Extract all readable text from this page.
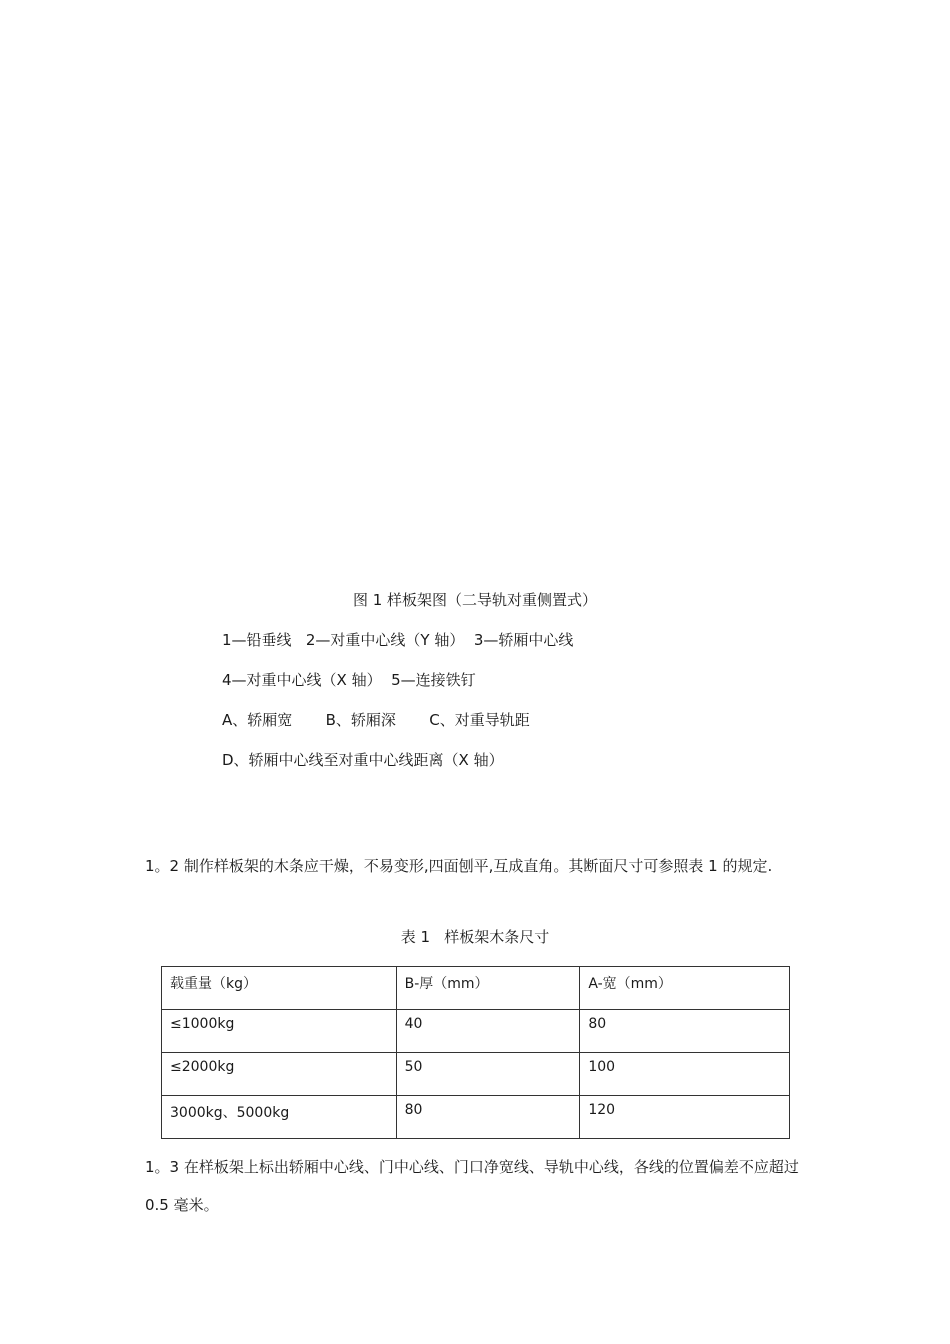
图 1 样板架图（二导轨对重侧置式）
1—铅垂线   2—对重中心线（Y 轴）  3—轿厢中心线
4—对重中心线（X 轴）  5—连接铁钉
A、轿厢宽       B、轿厢深       C、对重导轨距
D、轿厢中心线至对重中心线距离（X 轴）
1。2 制作样板架的木条应干燥，不易变形,四面刨平,互成直角。其断面尺寸可参照表 1 的规定.
表 1   样板架木条尺寸
载重量（kg）	B-厚（mm）	A-宽（mm）
≤1000kg	40	80
≤2000kg	50	100
3000kg、5000kg	80	120
1。3 在样板架上标出轿厢中心线、门中心线、门口净宽线、导轨中心线，各线的位置偏差不应超过 0.5 毫米。
